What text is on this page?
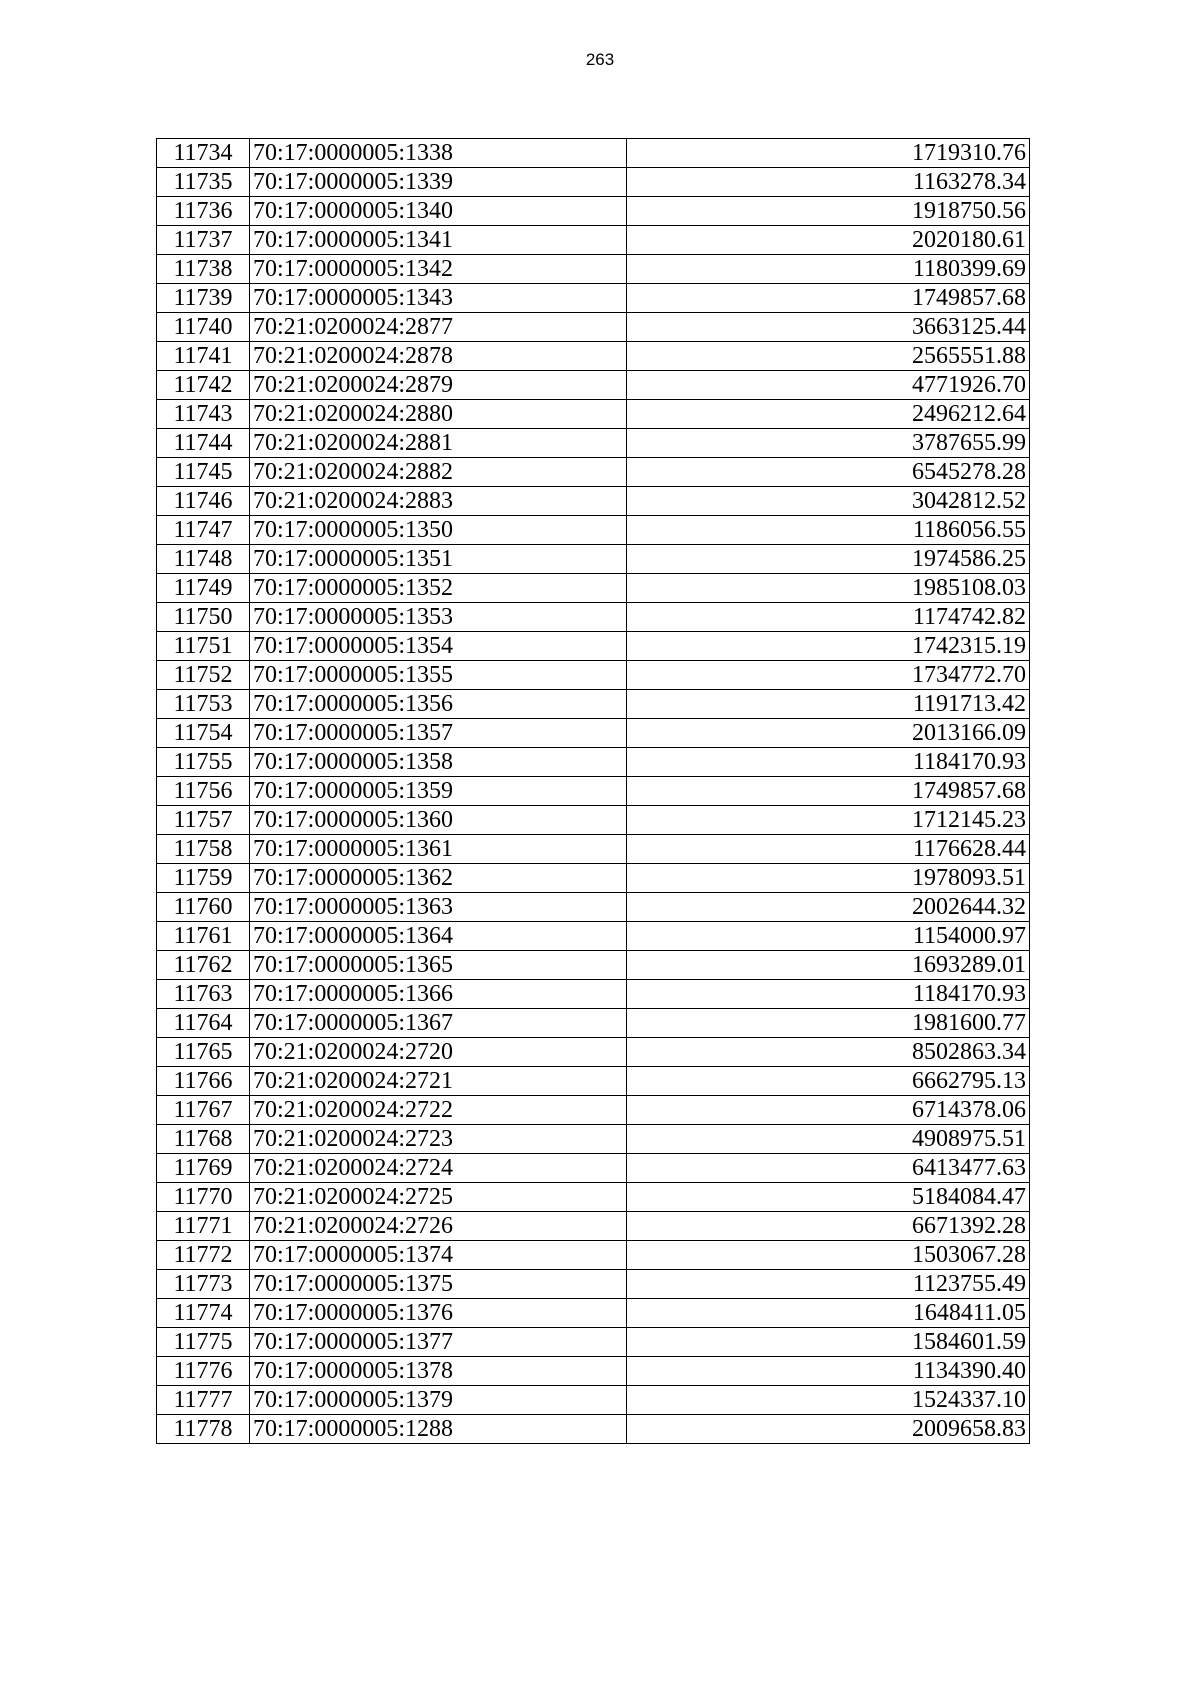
263
11734	70:17:0000005:1338	1719310.76
11735	70:17:0000005:1339	1163278.34
11736	70:17:0000005:1340	1918750.56
11737	70:17:0000005:1341	2020180.61
11738	70:17:0000005:1342	1180399.69
11739	70:17:0000005:1343	1749857.68
11740	70:21:0200024:2877	3663125.44
11741	70:21:0200024:2878	2565551.88
11742	70:21:0200024:2879	4771926.70
11743	70:21:0200024:2880	2496212.64
11744	70:21:0200024:2881	3787655.99
11745	70:21:0200024:2882	6545278.28
11746	70:21:0200024:2883	3042812.52
11747	70:17:0000005:1350	1186056.55
11748	70:17:0000005:1351	1974586.25
11749	70:17:0000005:1352	1985108.03
11750	70:17:0000005:1353	1174742.82
11751	70:17:0000005:1354	1742315.19
11752	70:17:0000005:1355	1734772.70
11753	70:17:0000005:1356	1191713.42
11754	70:17:0000005:1357	2013166.09
11755	70:17:0000005:1358	1184170.93
11756	70:17:0000005:1359	1749857.68
11757	70:17:0000005:1360	1712145.23
11758	70:17:0000005:1361	1176628.44
11759	70:17:0000005:1362	1978093.51
11760	70:17:0000005:1363	2002644.32
11761	70:17:0000005:1364	1154000.97
11762	70:17:0000005:1365	1693289.01
11763	70:17:0000005:1366	1184170.93
11764	70:17:0000005:1367	1981600.77
11765	70:21:0200024:2720	8502863.34
11766	70:21:0200024:2721	6662795.13
11767	70:21:0200024:2722	6714378.06
11768	70:21:0200024:2723	4908975.51
11769	70:21:0200024:2724	6413477.63
11770	70:21:0200024:2725	5184084.47
11771	70:21:0200024:2726	6671392.28
11772	70:17:0000005:1374	1503067.28
11773	70:17:0000005:1375	1123755.49
11774	70:17:0000005:1376	1648411.05
11775	70:17:0000005:1377	1584601.59
11776	70:17:0000005:1378	1134390.40
11777	70:17:0000005:1379	1524337.10
11778	70:17:0000005:1288	2009658.83
